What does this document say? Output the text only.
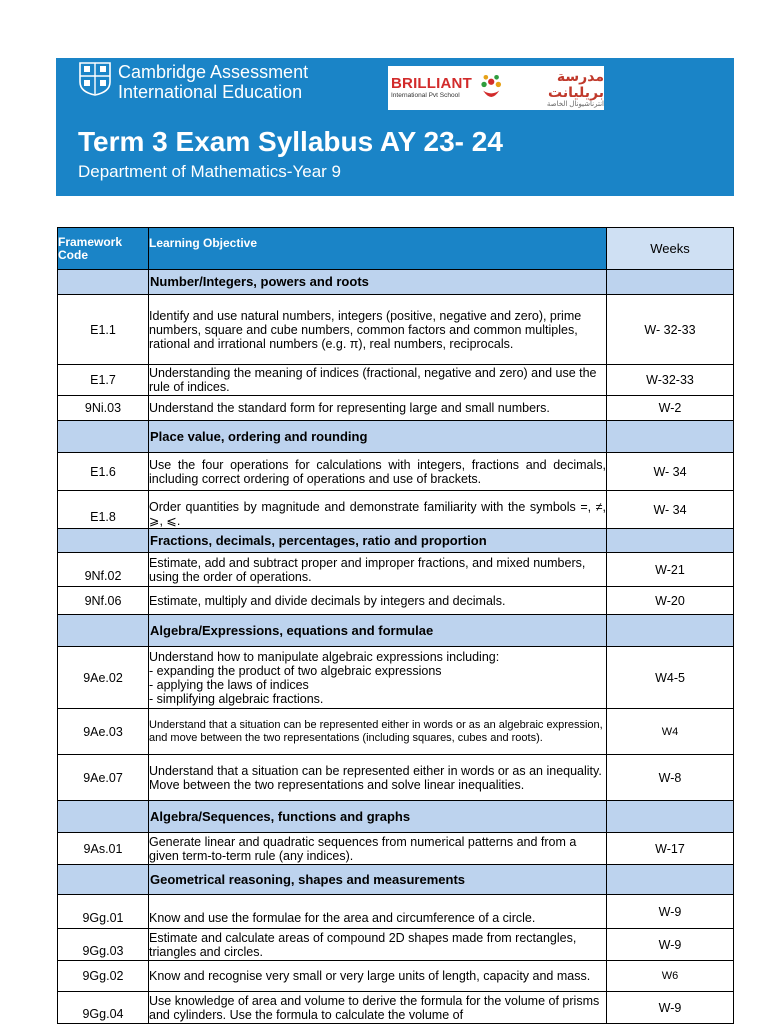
Cambridge Assessment
International Education	BRILLIANT
International Pvt School
مدرسة بريليانت
انترناشيونال الخاصة
Term 3 Exam Syllabus AY 23- 24
Department of Mathematics-Year 9
Framework Code	Learning Objective	Weeks
	Number/Integers, powers and roots	
E1.1	Identify and use natural numbers, integers (positive, negative and zero), prime numbers, square and cube numbers, common factors and common multiples, rational and irrational numbers (e.g. π), real numbers, reciprocals.	W- 32-33
E1.7	Understanding the meaning of indices (fractional, negative and zero) and use the rule of indices.	W-32-33
9Ni.03	Understand the standard form for representing large and small numbers.	W-2
	Place value, ordering and rounding	
E1.6	Use the four operations for calculations with integers, fractions and decimals, including correct ordering of operations and use of brackets.	W- 34
E1.8	Order quantities by magnitude and demonstrate familiarity with the symbols =, ≠, ⩾, ⩽.	W- 34
	Fractions, decimals, percentages, ratio and proportion	
9Nf.02	Estimate, add and subtract proper and improper fractions, and mixed numbers, using the order of operations.	W-21
9Nf.06	Estimate, multiply and divide decimals by integers and decimals.	W-20
	Algebra/Expressions, equations and formulae	
9Ae.02	Understand how to manipulate algebraic expressions including:
- expanding the product of two algebraic expressions
- applying the laws of indices
- simplifying algebraic fractions.	W4-5
9Ae.03	Understand that a situation can be represented either in words or as an algebraic expression, and move between the two representations (including squares, cubes and roots).	W4
9Ae.07	Understand that a situation can be represented either in words or as an inequality. Move between the two representations and solve linear inequalities.	W-8
	Algebra/Sequences, functions and graphs	
9As.01	Generate linear and quadratic sequences from numerical patterns and from a given term-to-term rule (any indices).	W-17
	Geometrical reasoning, shapes and measurements	
9Gg.01	Know and use the formulae for the area and circumference of a circle.	W-9
9Gg.03	Estimate and calculate areas of compound 2D shapes made from rectangles, triangles and circles.	W-9
9Gg.02	Know and recognise very small or very large units of length, capacity and mass.	W6
9Gg.04	Use knowledge of area and volume to derive the formula for the volume of prisms and cylinders. Use the formula to calculate the volume of	W-9
